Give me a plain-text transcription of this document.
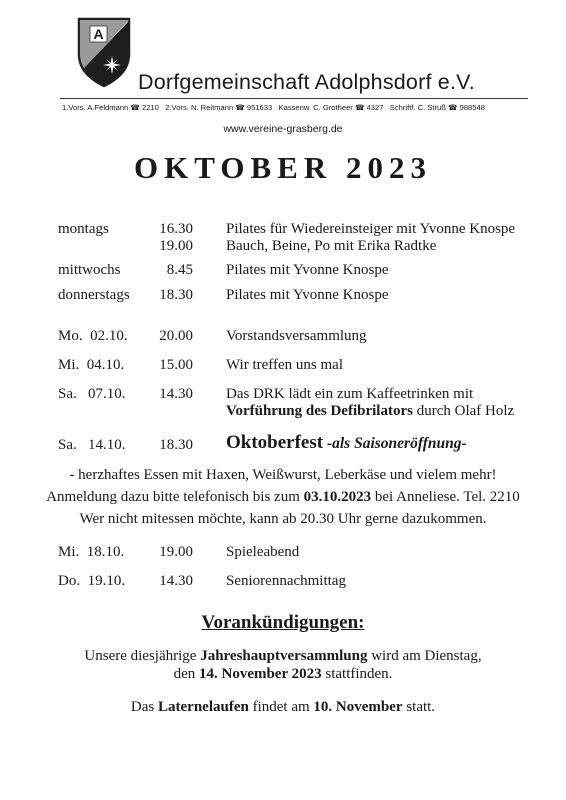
A
Dorfgemeinschaft Adolphsdorf e.V.
1.Vors. A.Feldmann ☎ 2210 2.Vors. N. Reitmann ☎ 951633 Kassenw. C. Grotheer ☎ 4327 Schriftf. C. Struß ☎ 988548
www.vereine-grasberg.de
OKTOBER 2023
montags	16.30 Pilates für Wiedereinsteiger mit Yvonne Knospe
19.00 Bauch, Beine, Po mit Erika Radtke
mittwochs	8.45 Pilates mit Yvonne Knospe
donnerstags 18.30 Pilates mit Yvonne Knospe
Mo.  02.10. 20.00 Vorstandsversammlung
Mi.  04.10. 15.00 Wir treffen uns mal
Sa.   07.10. 14.30 Das DRK lädt ein zum Kaffeetrinken mit
Vorführung des Defibrilators durch Olaf Holz
Sa.   14.10. 18.30 Oktoberfest -als Saisoneröffnung-
- herzhaftes Essen mit Haxen, Weißwurst, Leberkäse und vielem mehr!
Anmeldung dazu bitte telefonisch bis zum 03.10.2023 bei Anneliese. Tel. 2210
Wer nicht mitessen möchte, kann ab 20.30 Uhr gerne dazukommen.
Mi.  18.10. 19.00 Spieleabend
Do.  19.10. 14.30 Seniorennachmittag
Vorankündigungen:
Unsere diesjährige Jahreshauptversammlung wird am Dienstag,
den 14. November 2023 stattfinden.
Das Laternelaufen findet am 10. November statt.
